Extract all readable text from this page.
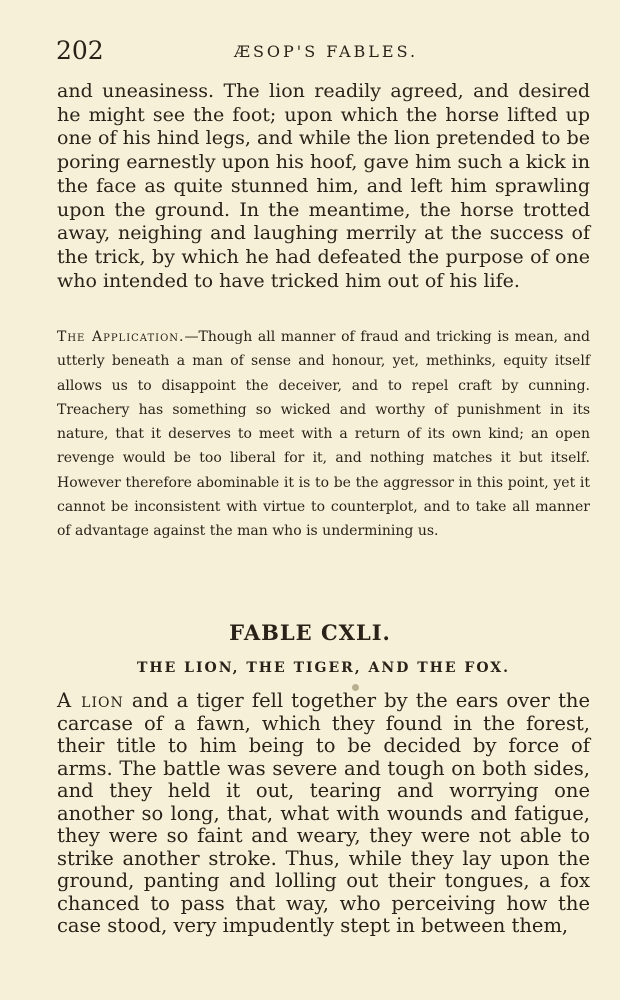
202	ÆSOP'S FABLES.

and uneasiness. The lion readily agreed, and desired he might see the foot; upon which the horse lifted up one of his hind legs, and while the lion pretended to be poring earnestly upon his hoof, gave him such a kick in the face as quite stunned him, and left him sprawling upon the ground. In the meantime, the horse trotted away, neighing and laughing merrily at the success of the trick, by which he had defeated the purpose of one who intended to have tricked him out of his life.

The Application.—Though all manner of fraud and tricking is mean, and utterly beneath a man of sense and honour, yet, methinks, equity itself allows us to disappoint the deceiver, and to repel craft by cunning. Treachery has something so wicked and worthy of punishment in its nature, that it deserves to meet with a return of its own kind; an open revenge would be too liberal for it, and nothing matches it but itself. However therefore abominable it is to be the aggressor in this point, yet it cannot be inconsistent with virtue to counterplot, and to take all manner of advantage against the man who is undermining us.

FABLE CXLI.
THE LION, THE TIGER, AND THE FOX.

A lion and a tiger fell together by the ears over the carcase of a fawn, which they found in the forest, their title to him being to be decided by force of arms. The battle was severe and tough on both sides, and they held it out, tearing and worrying one another so long, that, what with wounds and fatigue, they were so faint and weary, they were not able to strike another stroke. Thus, while they lay upon the ground, panting and lolling out their tongues, a fox chanced to pass that way, who perceiving how the case stood, very impudently stept in between them,
